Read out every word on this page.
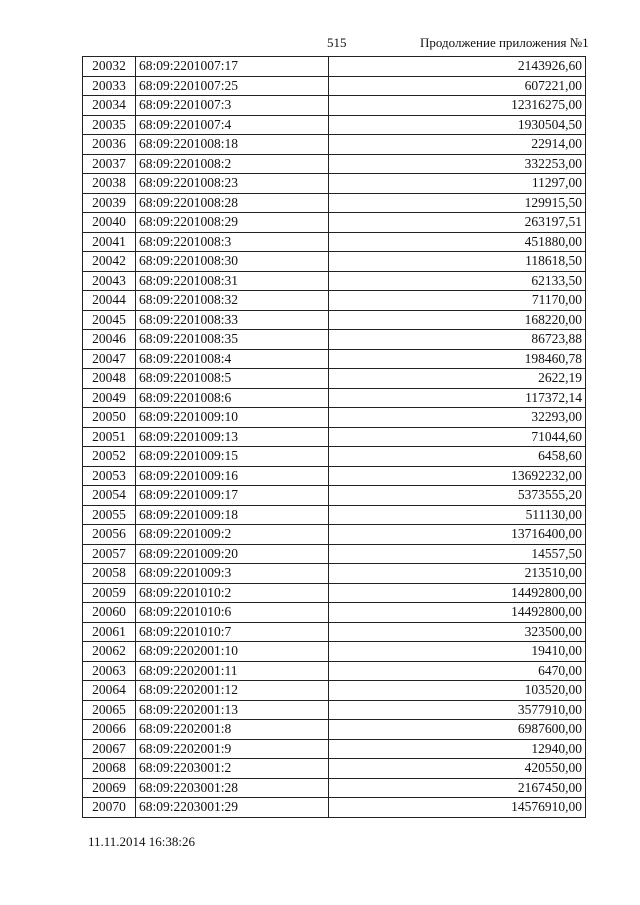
515	Продолжение приложения №1
20032	68:09:2201007:17	2143926,60
20033	68:09:2201007:25	607221,00
20034	68:09:2201007:3	12316275,00
20035	68:09:2201007:4	1930504,50
20036	68:09:2201008:18	22914,00
20037	68:09:2201008:2	332253,00
20038	68:09:2201008:23	11297,00
20039	68:09:2201008:28	129915,50
20040	68:09:2201008:29	263197,51
20041	68:09:2201008:3	451880,00
20042	68:09:2201008:30	118618,50
20043	68:09:2201008:31	62133,50
20044	68:09:2201008:32	71170,00
20045	68:09:2201008:33	168220,00
20046	68:09:2201008:35	86723,88
20047	68:09:2201008:4	198460,78
20048	68:09:2201008:5	2622,19
20049	68:09:2201008:6	117372,14
20050	68:09:2201009:10	32293,00
20051	68:09:2201009:13	71044,60
20052	68:09:2201009:15	6458,60
20053	68:09:2201009:16	13692232,00
20054	68:09:2201009:17	5373555,20
20055	68:09:2201009:18	511130,00
20056	68:09:2201009:2	13716400,00
20057	68:09:2201009:20	14557,50
20058	68:09:2201009:3	213510,00
20059	68:09:2201010:2	14492800,00
20060	68:09:2201010:6	14492800,00
20061	68:09:2201010:7	323500,00
20062	68:09:2202001:10	19410,00
20063	68:09:2202001:11	6470,00
20064	68:09:2202001:12	103520,00
20065	68:09:2202001:13	3577910,00
20066	68:09:2202001:8	6987600,00
20067	68:09:2202001:9	12940,00
20068	68:09:2203001:2	420550,00
20069	68:09:2203001:28	2167450,00
20070	68:09:2203001:29	14576910,00
11.11.2014 16:38:26
